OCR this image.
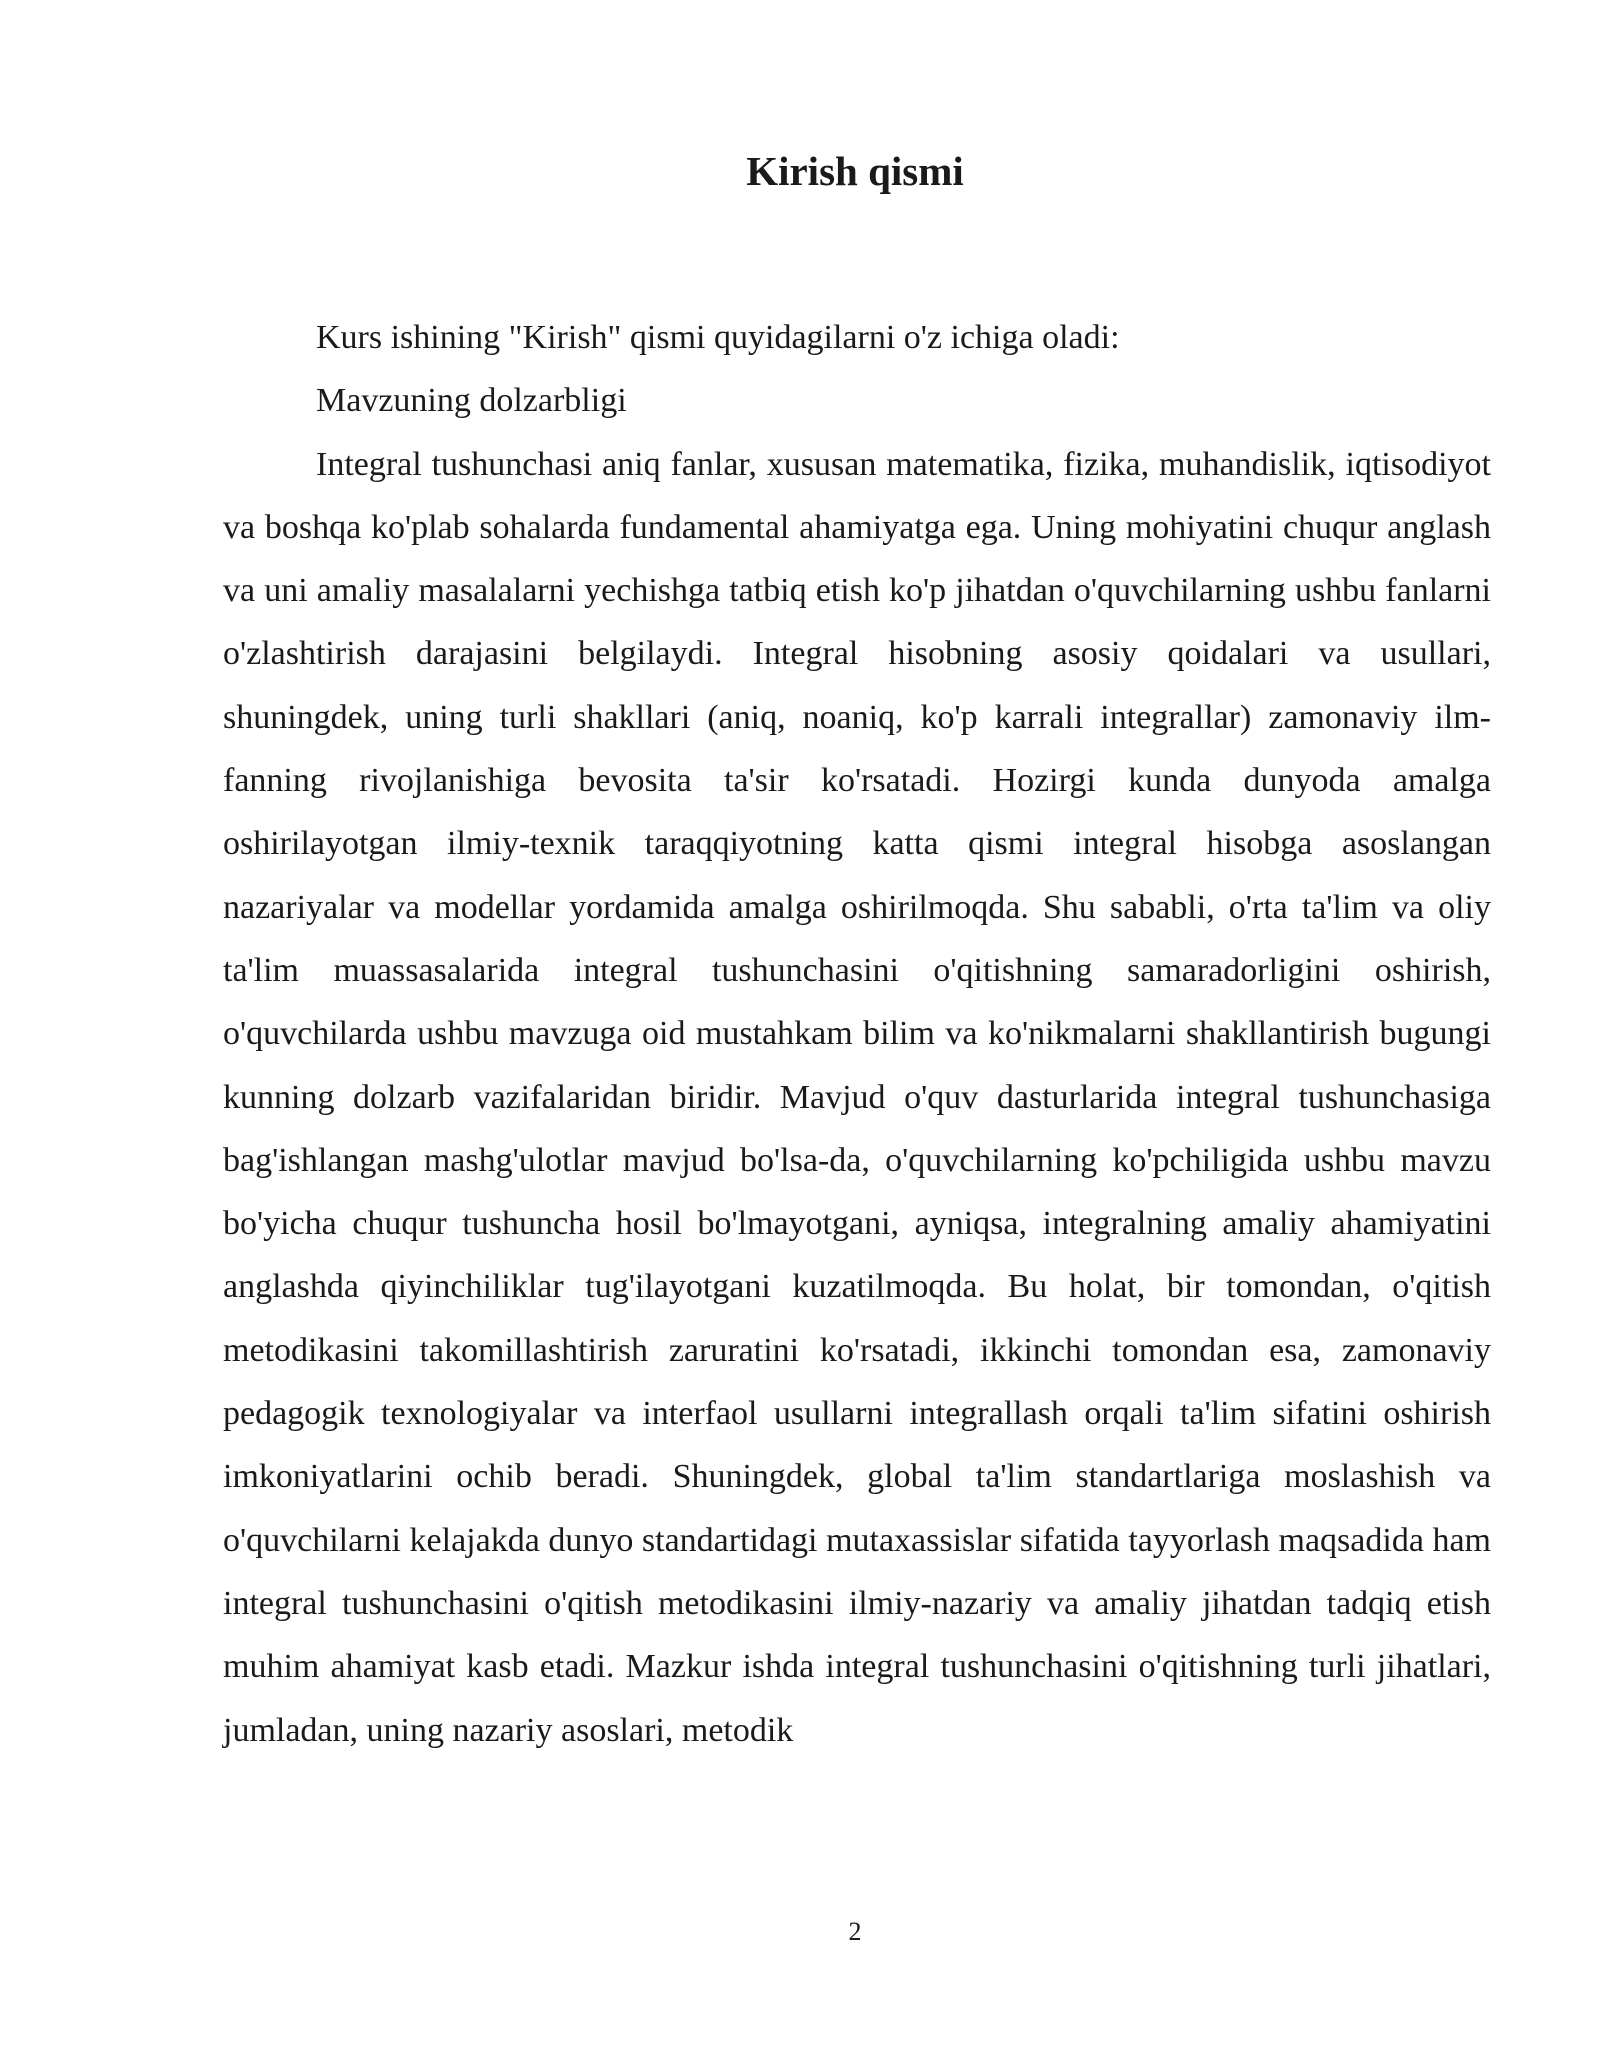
Kirish qismi

Kurs ishining "Kirish" qismi quyidagilarni o'z ichiga oladi:

Mavzuning dolzarbligi

Integral tushunchasi aniq fanlar, xususan matematika, fizika, muhandislik, iqtisodiyot va boshqa ko'plab sohalarda fundamental ahamiyatga ega. Uning mohiyatini chuqur anglash va uni amaliy masalalarni yechishga tatbiq etish ko'p jihatdan o'quvchilarning ushbu fanlarni o'zlashtirish darajasini belgilaydi. Integral hisobning asosiy qoidalari va usullari, shuningdek, uning turli shakllari (aniq, noaniq, ko'p karrali integrallar) zamonaviy ilm-fanning rivojlanishiga bevosita ta'sir ko'rsatadi. Hozirgi kunda dunyoda amalga oshirilayotgan ilmiy-texnik taraqqiyotning katta qismi integral hisobga asoslangan nazariyalar va modellar yordamida amalga oshirilmoqda. Shu sababli, o'rta ta'lim va oliy ta'lim muassasalarida integral tushunchasini o'qitishning samaradorligini oshirish, o'quvchilarda ushbu mavzuga oid mustahkam bilim va ko'nikmalarni shakllantirish bugungi kunning dolzarb vazifalaridan biridir. Mavjud o'quv dasturlarida integral tushunchasiga bag'ishlangan mashg'ulotlar mavjud bo'lsa-da, o'quvchilarning ko'pchiligida ushbu mavzu bo'yicha chuqur tushuncha hosil bo'lmayotgani, ayniqsa, integralning amaliy ahamiyatini anglashda qiyinchiliklar tug'ilayotgani kuzatilmoqda. Bu holat, bir tomondan, o'qitish metodikasini takomillashtirish zaruratini ko'rsatadi, ikkinchi tomondan esa, zamonaviy pedagogik texnologiyalar va interfaol usullarni integrallash orqali ta'lim sifatini oshirish imkoniyatlarini ochib beradi. Shuningdek, global ta'lim standartlariga moslashish va o'quvchilarni kelajakda dunyo standartidagi mutaxassislar sifatida tayyorlash maqsadida ham integral tushunchasini o'qitish metodikasini ilmiy-nazariy va amaliy jihatdan tadqiq etish muhim ahamiyat kasb etadi. Mazkur ishda integral tushunchasini o'qitishning turli jihatlari, jumladan, uning nazariy asoslari, metodik

2
